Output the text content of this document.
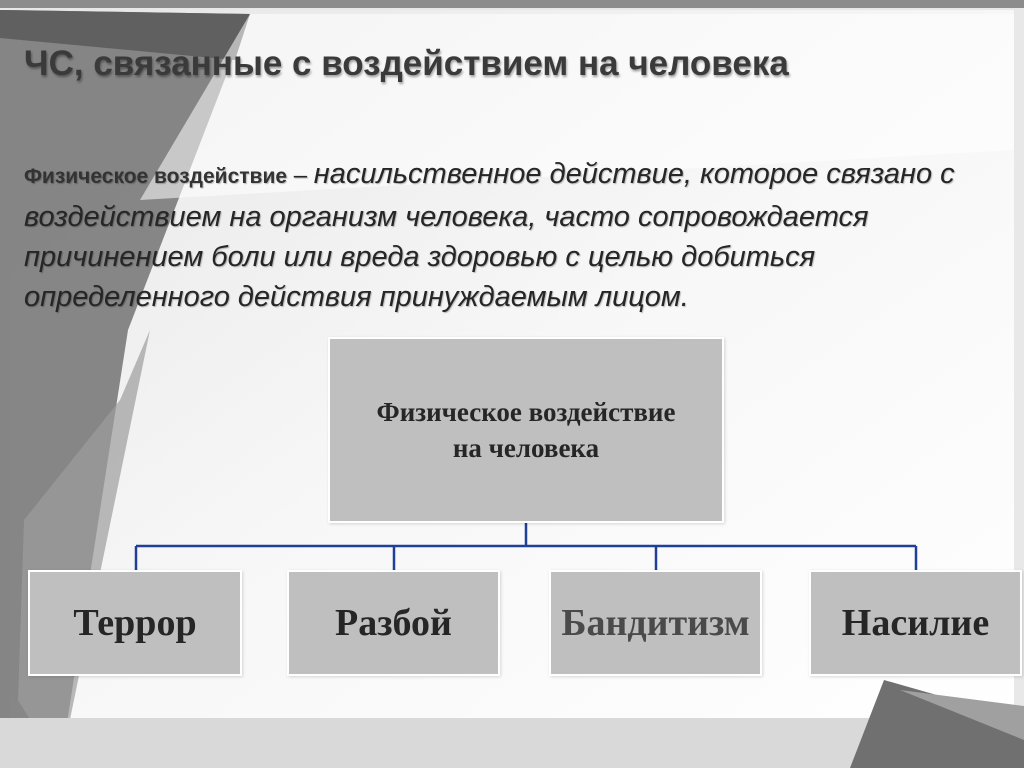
ЧС, связанные с воздействием на человека
Физическое воздействие – насильственное действие, которое связано с воздействием на организм человека, часто сопровождается причинением боли или вреда здоровью с целью добиться определенного действия принуждаемым лицом.
Физическое воздействие
на человека
Террор	Разбой	Бандитизм Насилие
